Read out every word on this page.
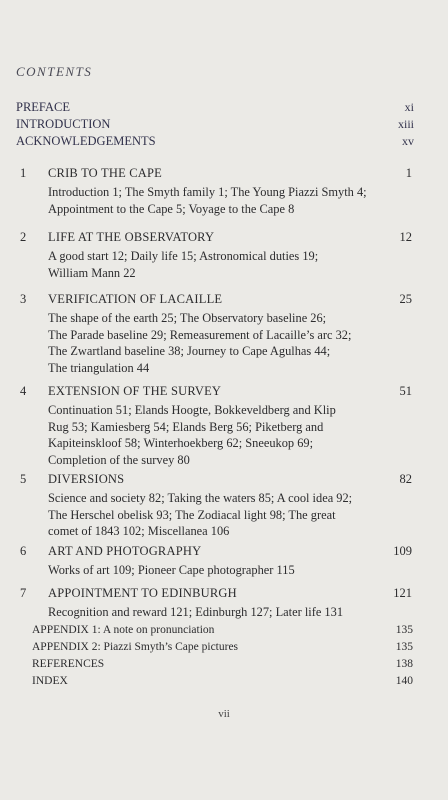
CONTENTS
PREFACE	xi
INTRODUCTION	xiii
ACKNOWLEDGEMENTS	xv
1	CRIB TO THE CAPE	1
Introduction 1; The Smyth family 1; The Young Piazzi Smyth 4;
Appointment to the Cape 5; Voyage to the Cape 8
2	LIFE AT THE OBSERVATORY	12
A good start 12; Daily life 15; Astronomical duties 19;
William Mann 22
3	VERIFICATION OF LACAILLE	25
The shape of the earth 25; The Observatory baseline 26;
The Parade baseline 29; Remeasurement of Lacaille’s arc 32;
The Zwartland baseline 38; Journey to Cape Agulhas 44;
The triangulation 44
4	EXTENSION OF THE SURVEY	51
Continuation 51; Elands Hoogte, Bokkeveldberg and Klip
Rug 53; Kamiesberg 54; Elands Berg 56; Piketberg and
Kapiteinskloof 58; Winterhoekberg 62; Sneeukop 69;
Completion of the survey 80
5	DIVERSIONS	82
Science and society 82; Taking the waters 85; A cool idea 92;
The Herschel obelisk 93; The Zodiacal light 98; The great
comet of 1843 102; Miscellanea 106
6	ART AND PHOTOGRAPHY	109
Works of art 109; Pioneer Cape photographer 115
7	APPOINTMENT TO EDINBURGH	121
Recognition and reward 121; Edinburgh 127; Later life 131
APPENDIX 1: A note on pronunciation	135
APPENDIX 2: Piazzi Smyth’s Cape pictures	135
REFERENCES	138
INDEX	140
vii
